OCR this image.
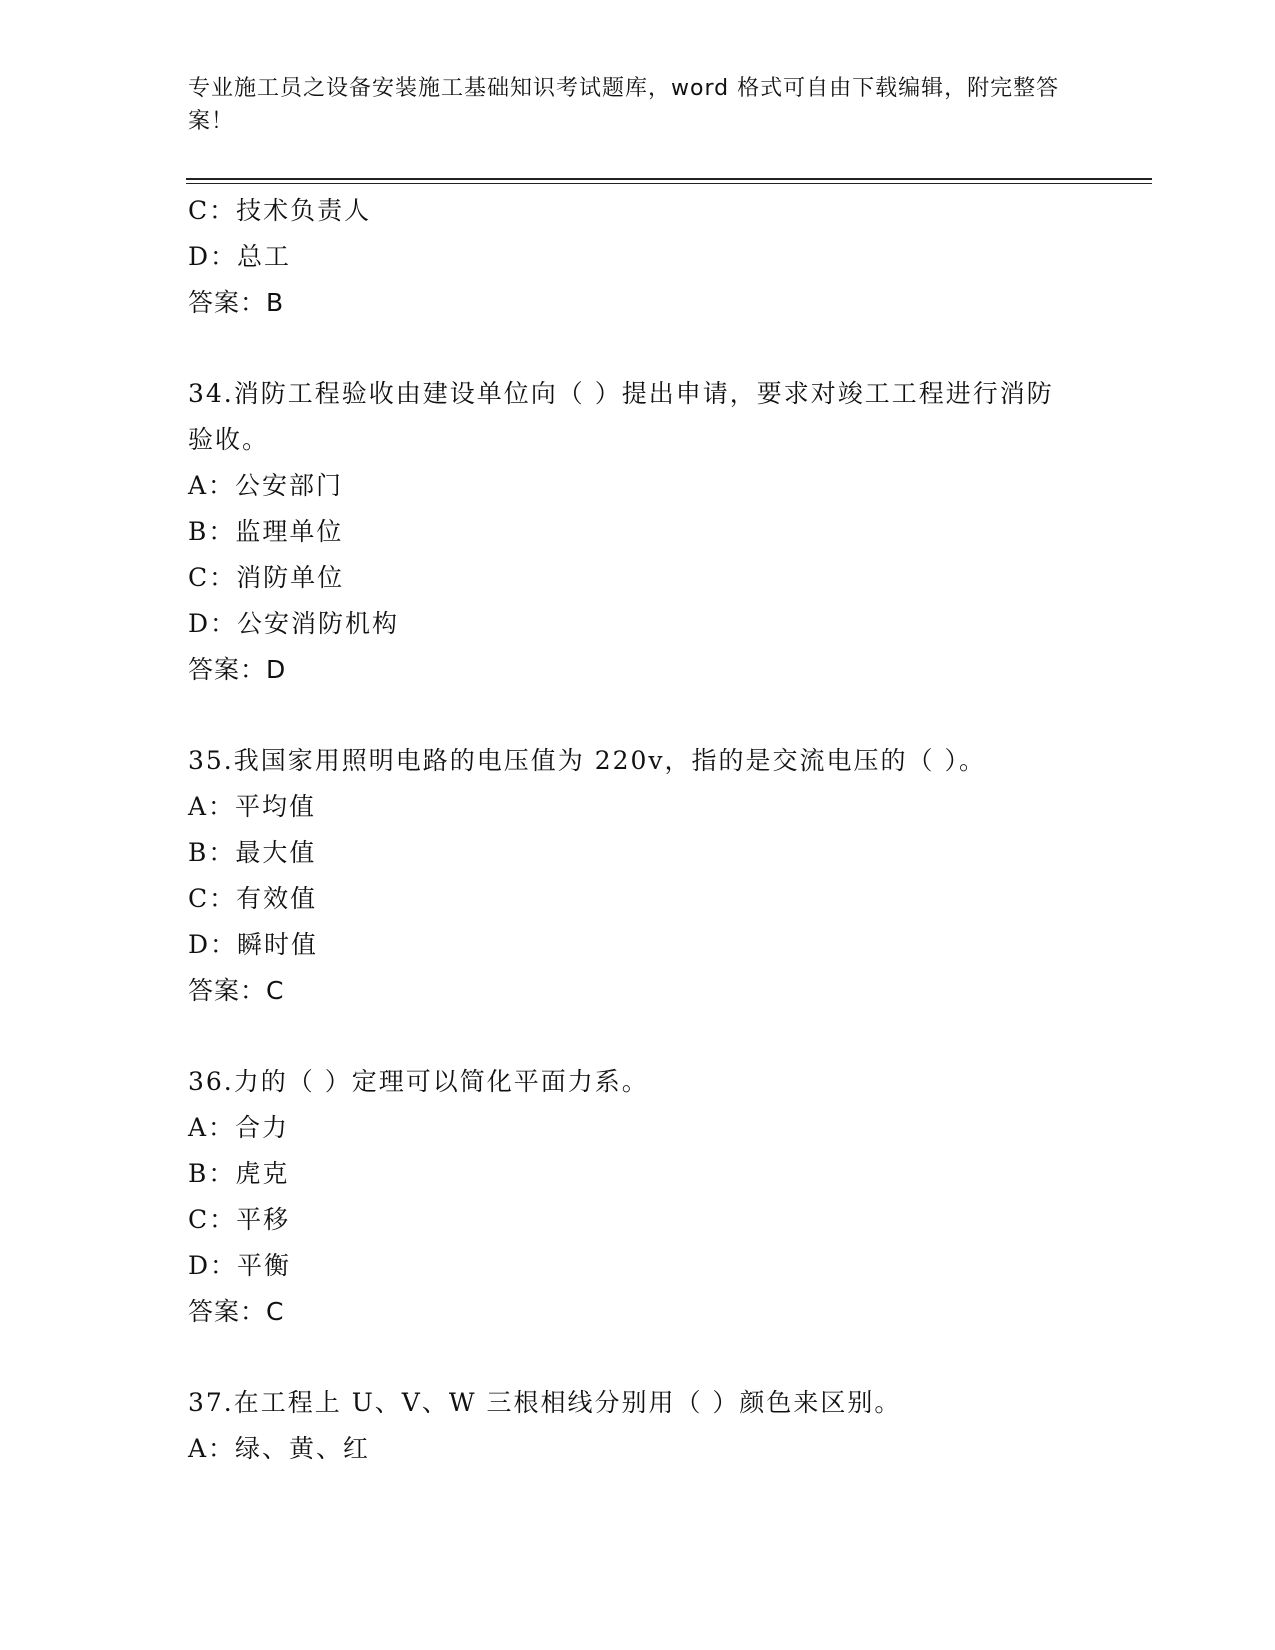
专业施工员之设备安装施工基础知识考试题库，word 格式可自由下载编辑，附完整答案！
C：技术负责人
D：总工
答案：B
34.消防工程验收由建设单位向（ ）提出申请，要求对竣工工程进行消防验收。
A：公安部门
B：监理单位
C：消防单位
D：公安消防机构
答案：D
35.我国家用照明电路的电压值为 220v，指的是交流电压的（ ）。
A：平均值
B：最大值
C：有效值
D：瞬时值
答案：C
36.力的（ ）定理可以简化平面力系。
A：合力
B：虎克
C：平移
D：平衡
答案：C
37.在工程上 U、V、W 三根相线分别用（ ）颜色来区别。
A：绿、黄、红
